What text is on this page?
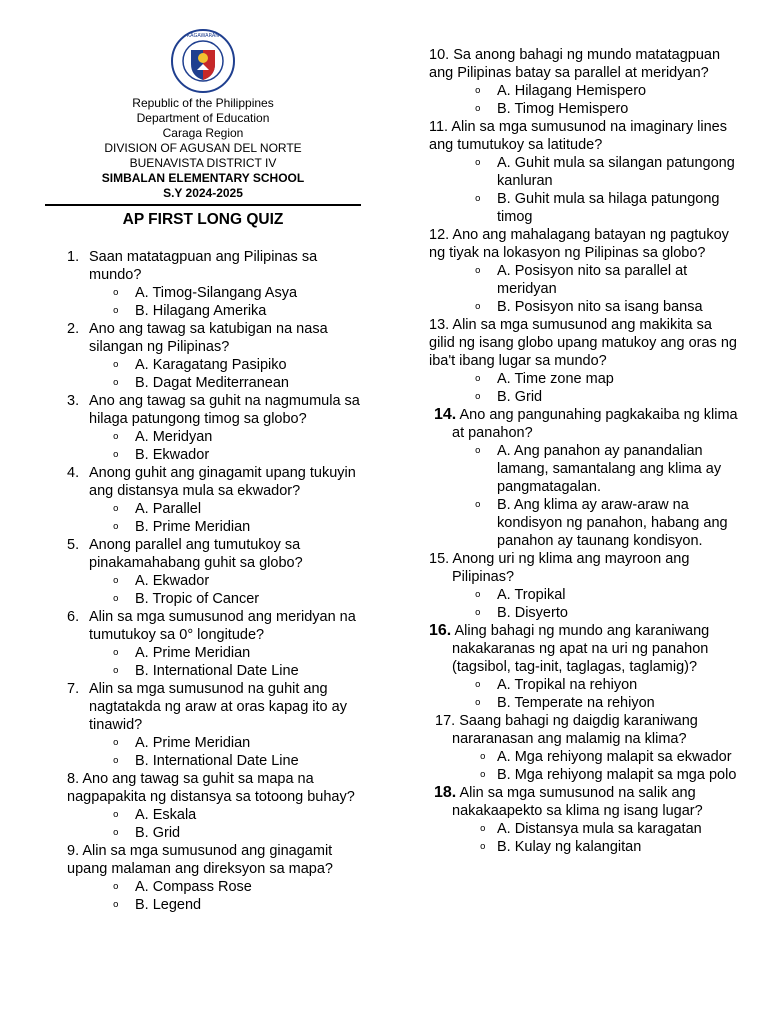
KAGAWARAN
Republic of the Philippines
Department of Education
Caraga Region
DIVISION OF AGUSAN DEL NORTE
BUENAVISTA DISTRICT IV
SIMBALAN ELEMENTARY SCHOOL
S.Y 2024-2025
AP FIRST LONG QUIZ
1. Saan matatagpuan ang Pilipinas sa mundo?
o	A. Timog-Silangang Asya
o	B. Hilagang Amerika
2. Ano ang tawag sa katubigan na nasa silangan ng Pilipinas?
o	A. Karagatang Pasipiko
o	B. Dagat Mediterranean
3. Ano ang tawag sa guhit na nagmumula sa hilaga patungong timog sa globo?
o	A. Meridyan
o	B. Ekwador
4. Anong guhit ang ginagamit upang tukuyin ang distansya mula sa ekwador?
o	A. Parallel
o	B. Prime Meridian
5. Anong parallel ang tumutukoy sa pinakamahabang guhit sa globo?
o	A. Ekwador
o	B. Tropic of Cancer
6. Alin sa mga sumusunod ang meridyan na tumutukoy sa 0° longitude?
o	A. Prime Meridian
o	B. International Date Line
7. Alin sa mga sumusunod na guhit ang nagtatakda ng araw at oras kapag ito ay tinawid?
o	A. Prime Meridian
o	B. International Date Line
8. Ano ang tawag sa guhit sa mapa na nagpapakita ng distansya sa totoong buhay?
o	A. Eskala
o	B. Grid
9. Alin sa mga sumusunod ang ginagamit upang malaman ang direksyon sa mapa?
o	A. Compass Rose
o	B. Legend
10. Sa anong bahagi ng mundo matatagpuan ang Pilipinas batay sa parallel at meridyan?
o	A. Hilagang Hemispero
o	B. Timog Hemispero
11. Alin sa mga sumusunod na imaginary lines ang tumutukoy sa latitude?
o	A. Guhit mula sa silangan patungong kanluran
o	B. Guhit mula sa hilaga patungong timog
12. Ano ang mahalagang batayan ng pagtukoy ng tiyak na lokasyon ng Pilipinas sa globo?
o	A. Posisyon nito sa parallel at meridyan
o	B. Posisyon nito sa isang bansa
13. Alin sa mga sumusunod ang makikita sa gilid ng isang globo upang matukoy ang oras ng iba't ibang lugar sa mundo?
o	A. Time zone map
o	B. Grid
14. Ano ang pangunahing pagkakaiba ng klima at panahon?
o	A. Ang panahon ay panandalian lamang, samantalang ang klima ay pangmatagalan.
o	B. Ang klima ay araw-araw na kondisyon ng panahon, habang ang panahon ay taunang kondisyon.
15. Anong uri ng klima ang mayroon ang Pilipinas?
o	A. Tropikal
o	B. Disyerto
16. Aling bahagi ng mundo ang karaniwang nakakaranas ng apat na uri ng panahon (tagsibol, tag-init, taglagas, taglamig)?
o	A. Tropikal na rehiyon
o	B. Temperate na rehiyon
17. Saang bahagi ng daigdig karaniwang nararanasan ang malamig na klima?
o A. Mga rehiyong malapit sa ekwador
o B. Mga rehiyong malapit sa mga polo
18. Alin sa mga sumusunod na salik ang nakakaapekto sa klima ng isang lugar?
o A. Distansya mula sa karagatan
o B. Kulay ng kalangitan
